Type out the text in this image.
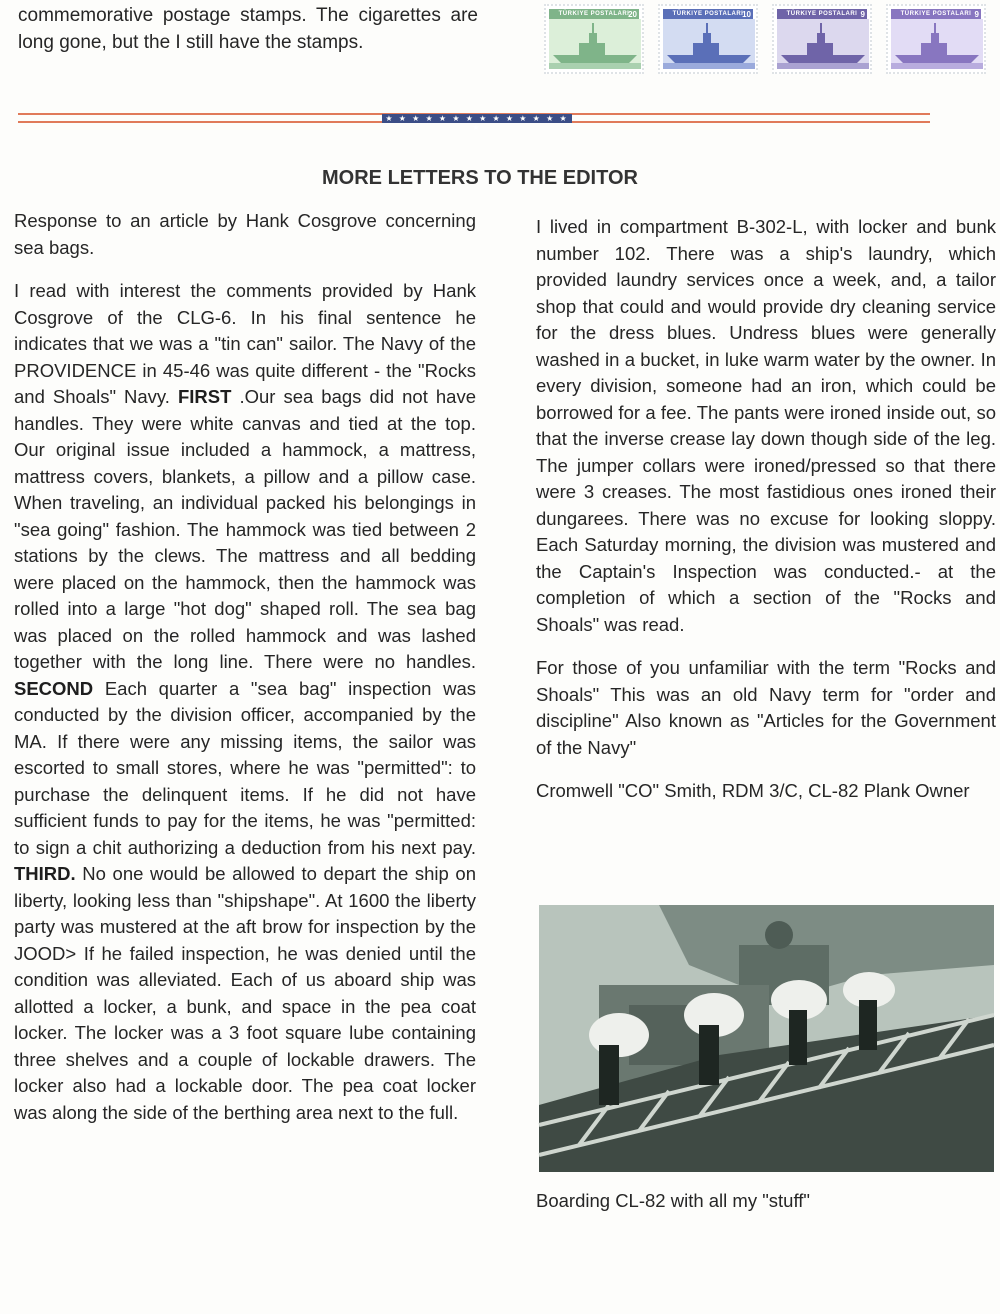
commemorative postage stamps. The cigarettes are long gone, but the I still have the stamps.
TÜRKIYE POSTALARI
20	TÜRKIYE POSTALARI
10	TÜRKIYE POSTALARI 9	TÜRKIYE POSTALARI 9
★ ★ ★ ★ ★ ★ ★ ★ ★ ★ ★ ★ ★ ★ ★
MORE LETTERS TO THE EDITOR

Response to an article by Hank Cosgrove concerning sea bags.

I read with interest the comments provided by Hank Cosgrove of the CLG-6. In his final sentence he indicates that we was a "tin can" sailor. The Navy of the PROVIDENCE in 45-46 was quite different - the "Rocks and Shoals" Navy. FIRST .Our sea bags did not have handles. They were white canvas and tied at the top. Our original issue included a hammock, a mattress, mattress covers, blankets, a pillow and a pillow case. When traveling, an individual packed his belongings in "sea going" fashion. The hammock was tied between 2 stations by the clews. The mattress and all bedding were placed on the hammock, then the hammock was rolled into a large "hot dog" shaped roll. The sea bag was placed on the rolled hammock and was lashed together with the long line. There were no handles. SECOND Each quarter a "sea bag" inspection was conducted by the division officer, accompanied by the MA. If there were any missing items, the sailor was escorted to small stores, where he was "permitted": to purchase the delinquent items. If he did not have sufficient funds to pay for the items, he was "permitted: to sign a chit authorizing a deduction from his next pay. THIRD. No one would be allowed to depart the ship on liberty, looking less than "shipshape". At 1600 the liberty party was mustered at the aft brow for inspection by the JOOD> If he failed inspection, he was denied until the condition was alleviated. Each of us aboard ship was allotted a locker, a bunk, and space in the pea coat locker. The locker was a 3 foot square lube containing three shelves and a couple of lockable drawers. The locker also had a lockable door. The pea coat locker was along the side of the berthing area next to the full.

I lived in compartment B-302-L, with locker and bunk number 102. There was a ship's laundry, which provided laundry services once a week, and, a tailor shop that could and would provide dry cleaning service for the dress blues. Undress blues were generally washed in a bucket, in luke warm water by the owner. In every division, someone had an iron, which could be borrowed for a fee. The pants were ironed inside out, so that the inverse crease lay down though side of the leg. The jumper collars were ironed/pressed so that there were 3 creases. The most fastidious ones ironed their dungarees. There was no excuse for looking sloppy. Each Saturday morning, the division was mustered and the Captain's Inspection was conducted.- at the completion of which a section of the "Rocks and Shoals" was read.

For those of you unfamiliar with the term "Rocks and Shoals" This was an old Navy term for "order and discipline" Also known as "Articles for the Government of the Navy"

Cromwell "CO" Smith, RDM 3/C, CL-82 Plank Owner

Boarding CL-82 with all my "stuff"
